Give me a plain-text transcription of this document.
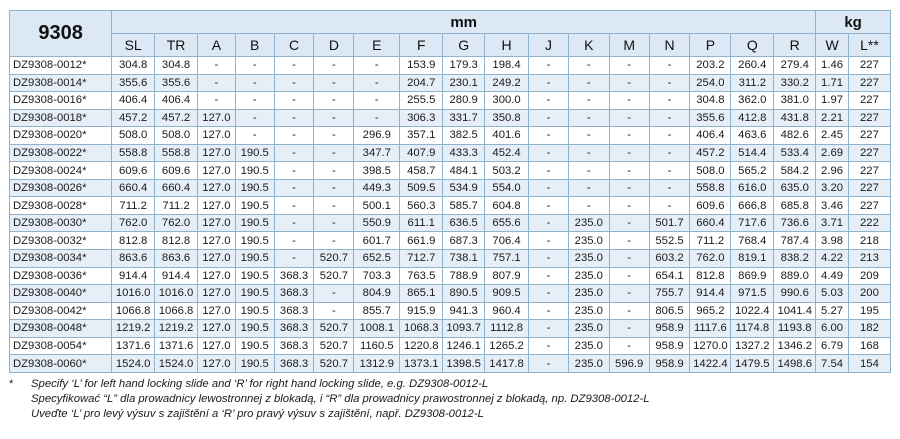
9308	mm																	kg	
	SL	TR	A	B	C	D	E	F	G	H	J	K	M	N	P	Q	R	W	L**
DZ9308-0012*	304.8	304.8	-	-	-	-	-	153.9	179.3	198.4	-	-	-	-	203.2	260.4	279.4	1.46	227
DZ9308-0014*	355.6	355.6	-	-	-	-	-	204.7	230.1	249.2	-	-	-	-	254.0	311.2	330.2	1.71	227
DZ9308-0016*	406.4	406.4	-	-	-	-	-	255.5	280.9	300.0	-	-	-	-	304.8	362.0	381.0	1.97	227
DZ9308-0018*	457.2	457.2	127.0	-	-	-	-	306.3	331.7	350.8	-	-	-	-	355.6	412.8	431.8	2.21	227
DZ9308-0020*	508.0	508.0	127.0	-	-	-	296.9	357.1	382.5	401.6	-	-	-	-	406.4	463.6	482.6	2.45	227
DZ9308-0022*	558.8	558.8	127.0	190.5	-	-	347.7	407.9	433.3	452.4	-	-	-	-	457.2	514.4	533.4	2.69	227
DZ9308-0024*	609.6	609.6	127.0	190.5	-	-	398.5	458.7	484.1	503.2	-	-	-	-	508.0	565.2	584.2	2.96	227
DZ9308-0026*	660.4	660.4	127.0	190.5	-	-	449.3	509.5	534.9	554.0	-	-	-	-	558.8	616.0	635.0	3.20	227
DZ9308-0028*	711.2	711.2	127.0	190.5	-	-	500.1	560.3	585.7	604.8	-	-	-	-	609.6	666.8	685.8	3.46	227
DZ9308-0030*	762.0	762.0	127.0	190.5	-	-	550.9	611.1	636.5	655.6	-	235.0	-	501.7	660.4	717.6	736.6	3.71	222
DZ9308-0032*	812.8	812.8	127.0	190.5	-	-	601.7	661.9	687.3	706.4	-	235.0	-	552.5	711.2	768.4	787.4	3.98	218
DZ9308-0034*	863.6	863.6	127.0	190.5	-	520.7	652.5	712.7	738.1	757.1	-	235.0	-	603.2	762.0	819.1	838.2	4.22	213
DZ9308-0036*	914.4	914.4	127.0	190.5	368.3	520.7	703.3	763.5	788.9	807.9	-	235.0	-	654.1	812.8	869.9	889.0	4.49	209
DZ9308-0040*	1016.0	1016.0	127.0	190.5	368.3	-	804.9	865.1	890.5	909.5	-	235.0	-	755.7	914.4	971.5	990.6	5.03	200
DZ9308-0042*	1066.8	1066.8	127.0	190.5	368.3	-	855.7	915.9	941.3	960.4	-	235.0	-	806.5	965.2	1022.4	1041.4	5.27	195
DZ9308-0048*	1219.2	1219.2	127.0	190.5	368.3	520.7	1008.1	1068.3	1093.7	1112.8	-	235.0	-	958.9	1117.6	1174.8	1193.8	6.00	182
DZ9308-0054*	1371.6	1371.6	127.0	190.5	368.3	520.7	1160.5	1220.8	1246.1	1265.2	-	235.0	-	958.9	1270.0	1327.2	1346.2	6.79	168
DZ9308-0060*	1524.0	1524.0	127.0	190.5	368.3	520.7	1312.9	1373.1	1398.5	1417.8	-	235.0	596.9	958.9	1422.4	1479.5	1498.6	7.54	154
* Specify ‘L’ for left hand locking slide and ‘R’ for right hand locking slide, e.g. DZ9308-0012-L
Specyfikować “L” dla prowadnicy lewostronnej z blokadą, i “R” dla prowadnicy prawostronnej z blokadą, np. DZ9308-0012-L
Uveďte ‘L’ pro levý výsuv s zajištění a ‘R’ pro pravý výsuv s zajištění, např. DZ9308-0012-L
